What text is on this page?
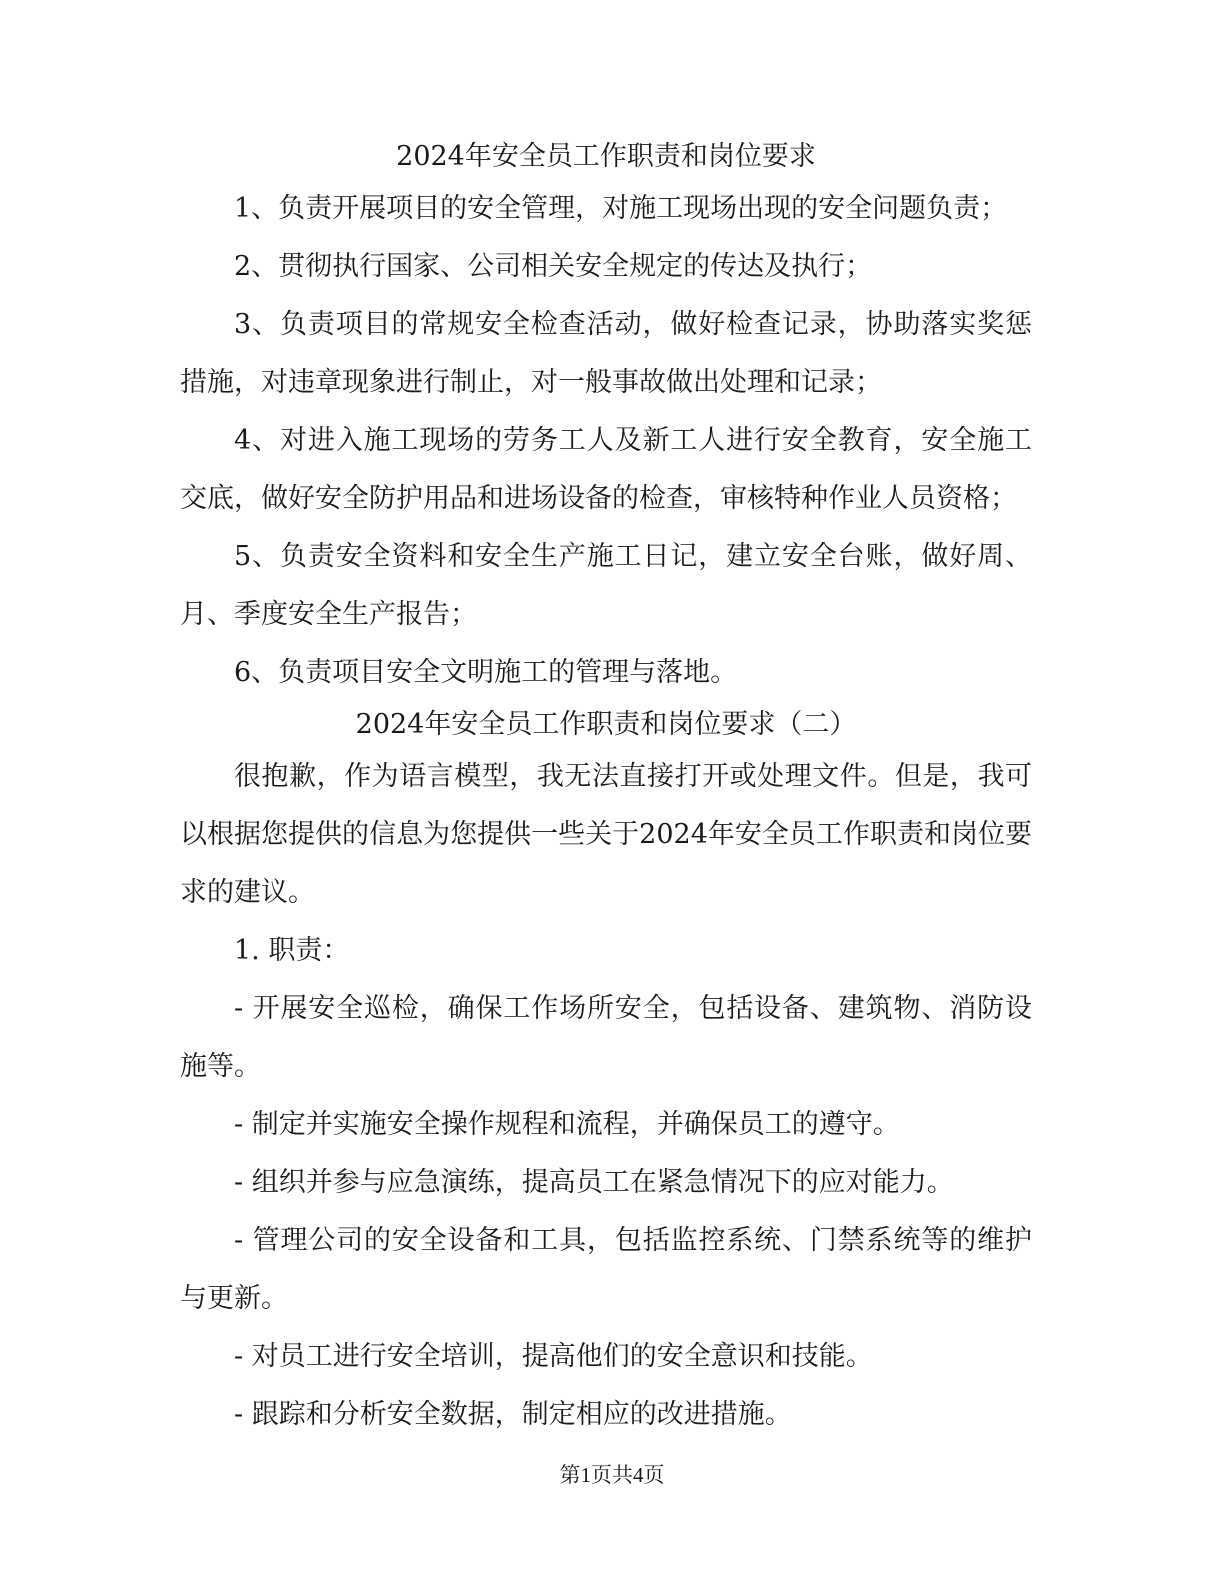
2024年安全员工作职责和岗位要求

1、负责开展项目的安全管理，对施工现场出现的安全问题负责；

2、贯彻执行国家、公司相关安全规定的传达及执行；

3、负责项目的常规安全检查活动，做好检查记录，协助落实奖惩措施，对违章现象进行制止，对一般事故做出处理和记录；

4、对进入施工现场的劳务工人及新工人进行安全教育，安全施工交底，做好安全防护用品和进场设备的检查，审核特种作业人员资格；

5、负责安全资料和安全生产施工日记，建立安全台账，做好周、月、季度安全生产报告；

6、负责项目安全文明施工的管理与落地。

2024年安全员工作职责和岗位要求（二）

很抱歉，作为语言模型，我无法直接打开或处理文件。但是，我可以根据您提供的信息为您提供一些关于2024年安全员工作职责和岗位要求的建议。

1. 职责：

- 开展安全巡检，确保工作场所安全，包括设备、建筑物、消防设施等。

- 制定并实施安全操作规程和流程，并确保员工的遵守。

- 组织并参与应急演练，提高员工在紧急情况下的应对能力。

- 管理公司的安全设备和工具，包括监控系统、门禁系统等的维护与更新。

- 对员工进行安全培训，提高他们的安全意识和技能。

- 跟踪和分析安全数据，制定相应的改进措施。

第1页共4页
